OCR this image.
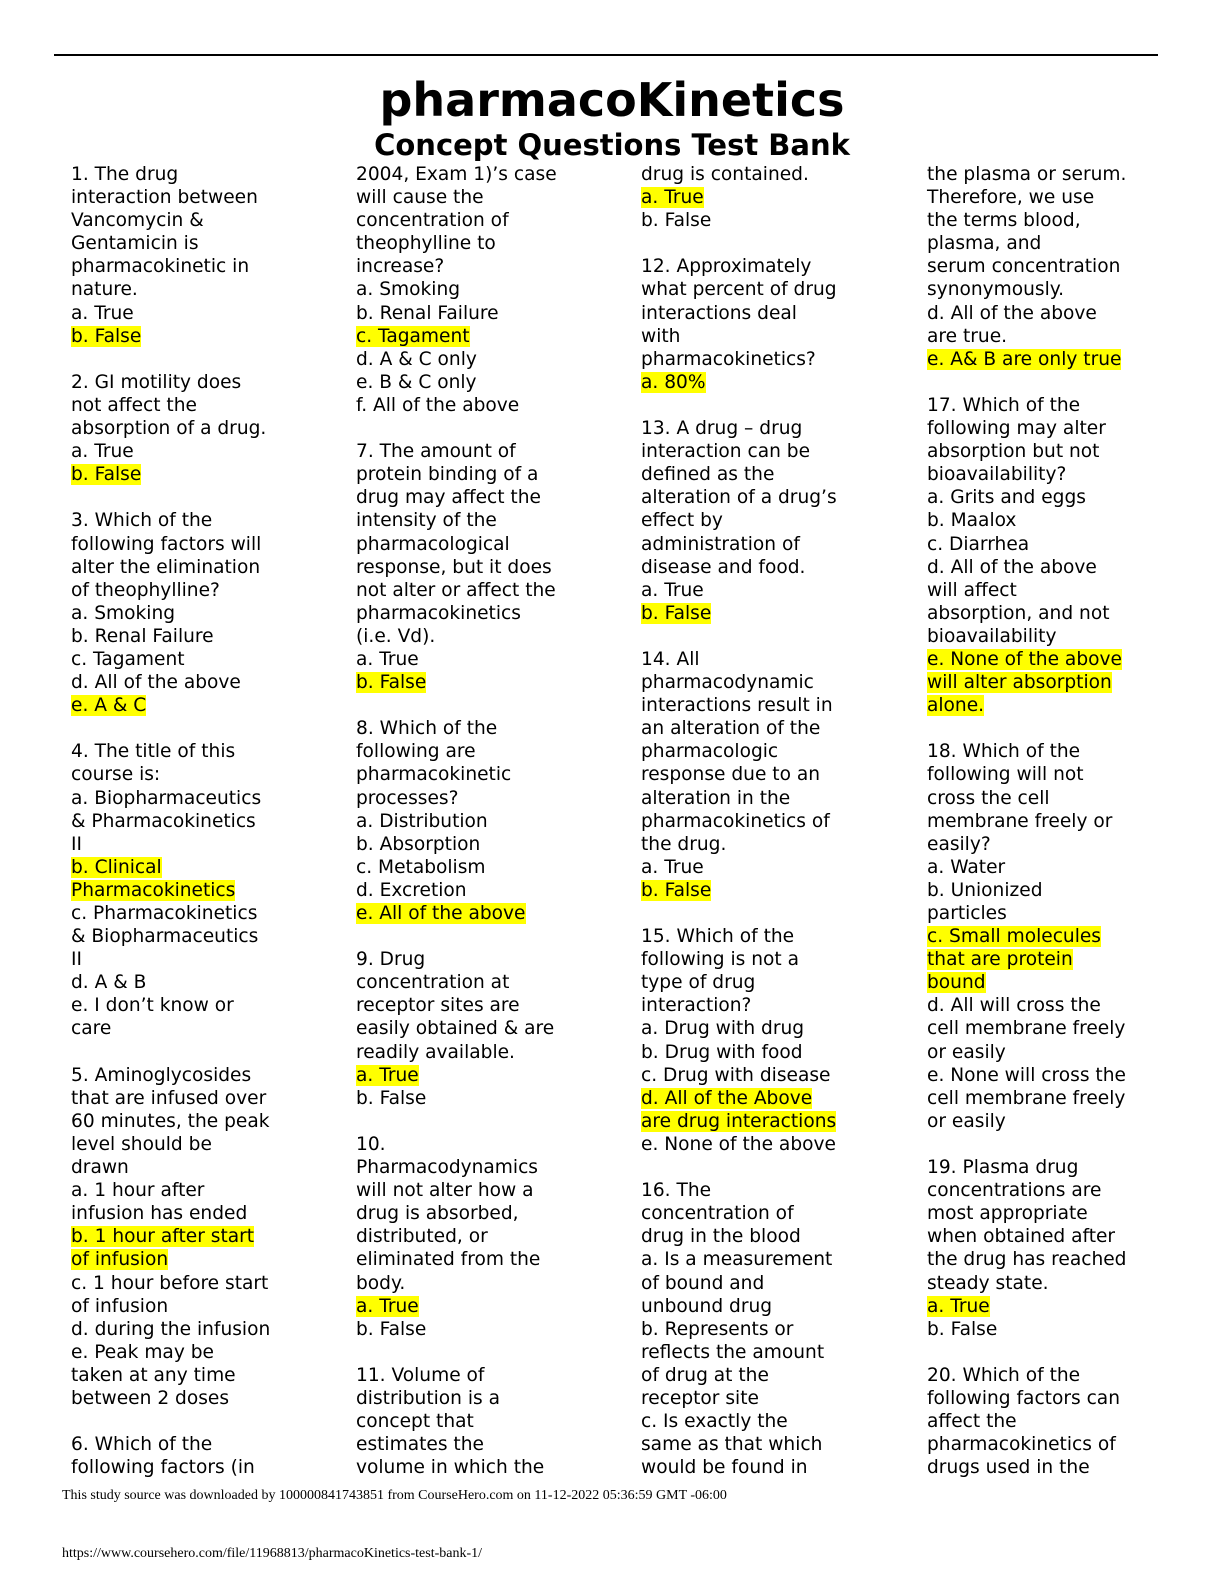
pharmacoKinetics
Concept Questions Test Bank
1. The drug
interaction between
Vancomycin &
Gentamicin is
pharmacokinetic in
nature.
a. True
b. False
2. GI motility does
not affect the
absorption of a drug.
a. True
b. False
3. Which of the
following factors will
alter the elimination
of theophylline?
a. Smoking
b. Renal Failure
c. Tagament
d. All of the above
e. A & C
4. The title of this
course is:
a. Biopharmaceutics
& Pharmacokinetics
II
b. Clinical
Pharmacokinetics
c. Pharmacokinetics
& Biopharmaceutics
II
d. A & B
e. I don’t know or
care
5. Aminoglycosides
that are infused over
60 minutes, the peak
level should be
drawn
a. 1 hour after
infusion has ended
b. 1 hour after start
of infusion
c. 1 hour before start
of infusion
d. during the infusion
e. Peak may be
taken at any time
between 2 doses
6. Which of the
following factors (in
2004, Exam 1)’s case
will cause the
concentration of
theophylline to
increase?
a. Smoking
b. Renal Failure
c. Tagament
d. A & C only
e. B & C only
f. All of the above
7. The amount of
protein binding of a
drug may affect the
intensity of the
pharmacological
response, but it does
not alter or affect the
pharmacokinetics
(i.e. Vd).
a. True
b. False
8. Which of the
following are
pharmacokinetic
processes?
a. Distribution
b. Absorption
c. Metabolism
d. Excretion
e. All of the above
9. Drug
concentration at
receptor sites are
easily obtained & are
readily available.
a. True
b. False
10.
Pharmacodynamics
will not alter how a
drug is absorbed,
distributed, or
eliminated from the
body.
a. True
b. False
11. Volume of
distribution is a
concept that
estimates the
volume in which the
drug is contained.
a. True
b. False
12. Approximately
what percent of drug
interactions deal
with
pharmacokinetics?
a. 80%
13. A drug – drug
interaction can be
defined as the
alteration of a drug’s
effect by
administration of
disease and food.
a. True
b. False
14. All
pharmacodynamic
interactions result in
an alteration of the
pharmacologic
response due to an
alteration in the
pharmacokinetics of
the drug.
a. True
b. False
15. Which of the
following is not a
type of drug
interaction?
a. Drug with drug
b. Drug with food
c. Drug with disease
d. All of the Above
are drug interactions
e. None of the above
16. The
concentration of
drug in the blood
a. Is a measurement
of bound and
unbound drug
b. Represents or
reflects the amount
of drug at the
receptor site
c. Is exactly the
same as that which
would be found in
the plasma or serum.
Therefore, we use
the terms blood,
plasma, and
serum concentration
synonymously.
d. All of the above
are true.
e. A& B are only true
17. Which of the
following may alter
absorption but not
bioavailability?
a. Grits and eggs
b. Maalox
c. Diarrhea
d. All of the above
will affect
absorption, and not
bioavailability
e. None of the above
will alter absorption
alone.
18. Which of the
following will not
cross the cell
membrane freely or
easily?
a. Water
b. Unionized
particles
c. Small molecules
that are protein
bound
d. All will cross the
cell membrane freely
or easily
e. None will cross the
cell membrane freely
or easily
19. Plasma drug
concentrations are
most appropriate
when obtained after
the drug has reached
steady state.
a. True
b. False
20. Which of the
following factors can
affect the
pharmacokinetics of
drugs used in the
This study source was downloaded by 100000841743851 from CourseHero.com on 11-12-2022 05:36:59 GMT -06:00
https://www.coursehero.com/file/11968813/pharmacoKinetics-test-bank-1/
